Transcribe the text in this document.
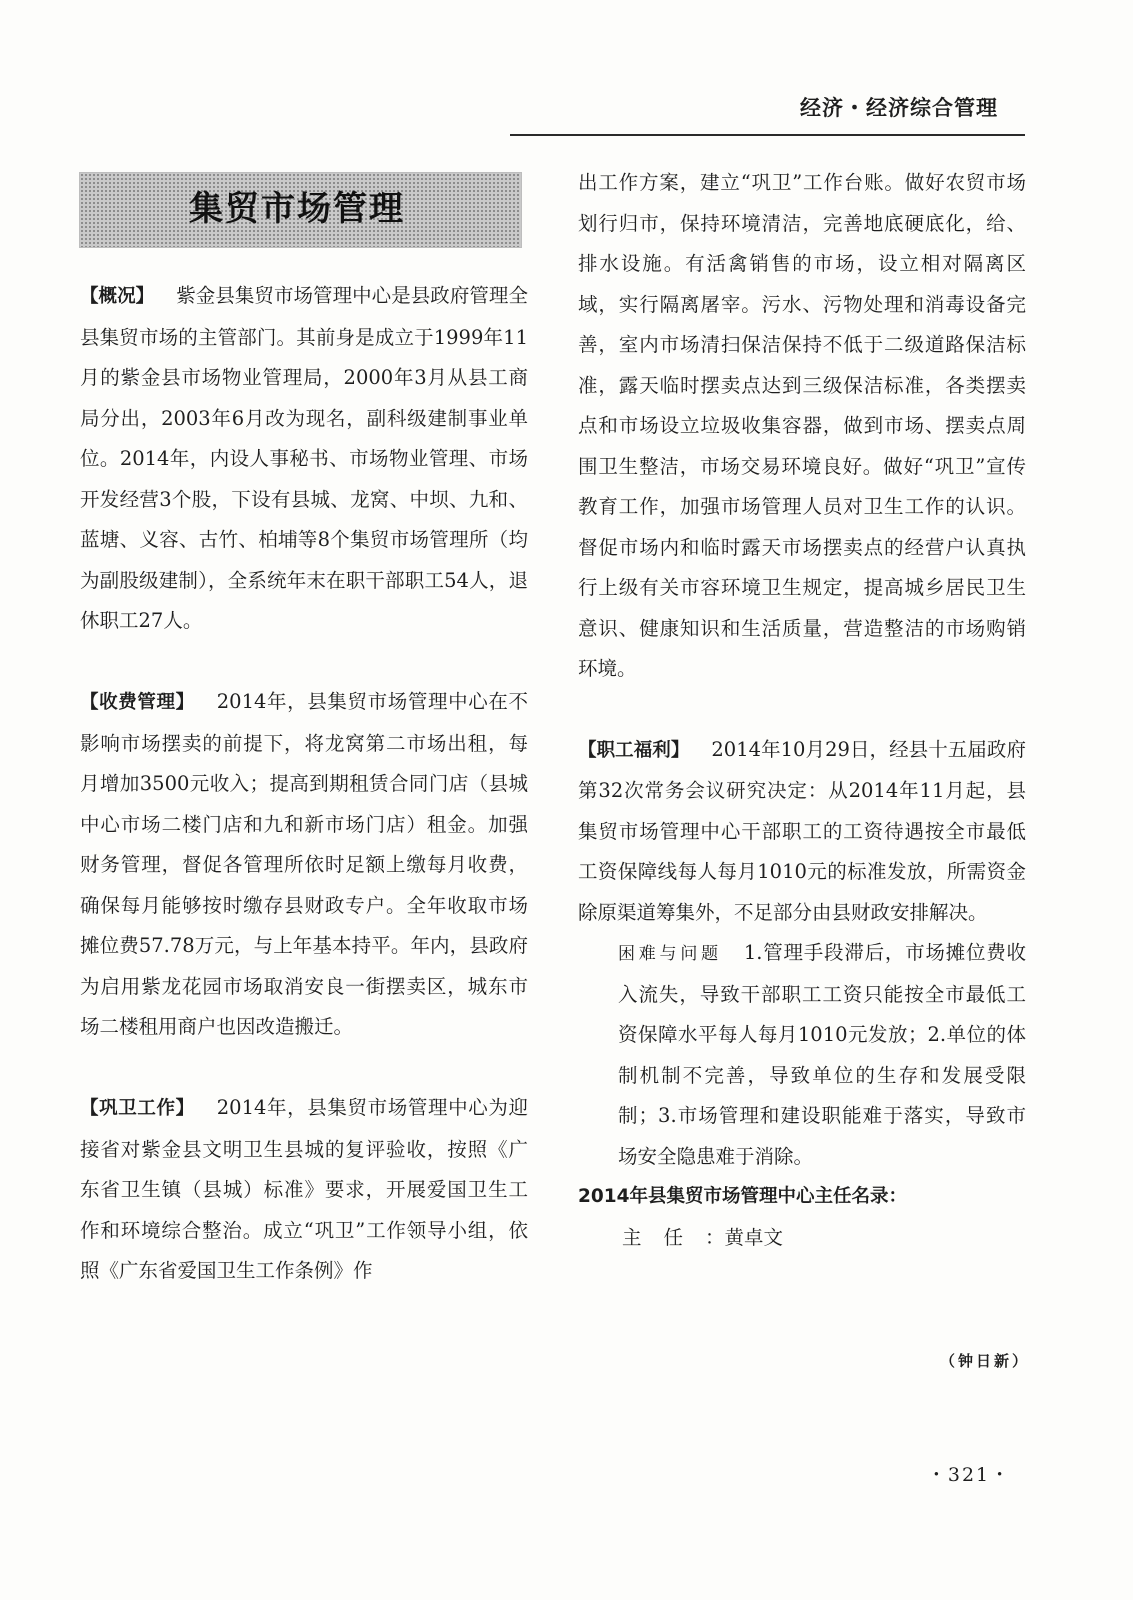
经济・经济综合管理
集贸市场管理

【概况】 紫金县集贸市场管理中心是县政府管理全县集贸市场的主管部门。其前身是成立于1999年11月的紫金县市场物业管理局，2000年3月从县工商局分出，2003年6月改为现名，副科级建制事业单位。2014年，内设人事秘书、市场物业管理、市场开发经营3个股，下设有县城、龙窝、中坝、九和、蓝塘、义容、古竹、柏埔等8个集贸市场管理所（均为副股级建制），全系统年末在职干部职工54人，退休职工27人。

【收费管理】 2014年，县集贸市场管理中心在不影响市场摆卖的前提下，将龙窝第二市场出租，每月增加3500元收入；提高到期租赁合同门店（县城中心市场二楼门店和九和新市场门店）租金。加强财务管理，督促各管理所依时足额上缴每月收费，确保每月能够按时缴存县财政专户。全年收取市场摊位费57.78万元，与上年基本持平。年内，县政府为启用紫龙花园市场取消安良一街摆卖区，城东市场二楼租用商户也因改造搬迁。

【巩卫工作】 2014年，县集贸市场管理中心为迎接省对紫金县文明卫生县城的复评验收，按照《广东省卫生镇（县城）标准》要求，开展爱国卫生工作和环境综合整治。成立“巩卫”工作领导小组，依照《广东省爱国卫生工作条例》作

出工作方案，建立“巩卫”工作台账。做好农贸市场划行归市，保持环境清洁，完善地底硬底化，给、排水设施。有活禽销售的市场，设立相对隔离区域，实行隔离屠宰。污水、污物处理和消毒设备完善，室内市场清扫保洁保持不低于二级道路保洁标准，露天临时摆卖点达到三级保洁标准，各类摆卖点和市场设立垃圾收集容器，做到市场、摆卖点周围卫生整洁，市场交易环境良好。做好“巩卫”宣传教育工作，加强市场管理人员对卫生工作的认识。督促市场内和临时露天市场摆卖点的经营户认真执行上级有关市容环境卫生规定，提高城乡居民卫生意识、健康知识和生活质量，营造整洁的市场购销环境。

【职工福利】 2014年10月29日，经县十五届政府第32次常务会议研究决定：从2014年11月起，县集贸市场管理中心干部职工的工资待遇按全市最低工资保障线每人每月1010元的标准发放，所需资金除原渠道筹集外，不足部分由县财政安排解决。

困难与问题 1.管理手段滞后，市场摊位费收入流失，导致干部职工工资只能按全市最低工资保障水平每人每月1010元发放；2.单位的体制机制不完善，导致单位的生存和发展受限制；3.市场管理和建设职能难于落实，导致市场安全隐患难于消除。

2014年县集贸市场管理中心主任名录：

主任：黄卓文

（钟日新）
・321・
